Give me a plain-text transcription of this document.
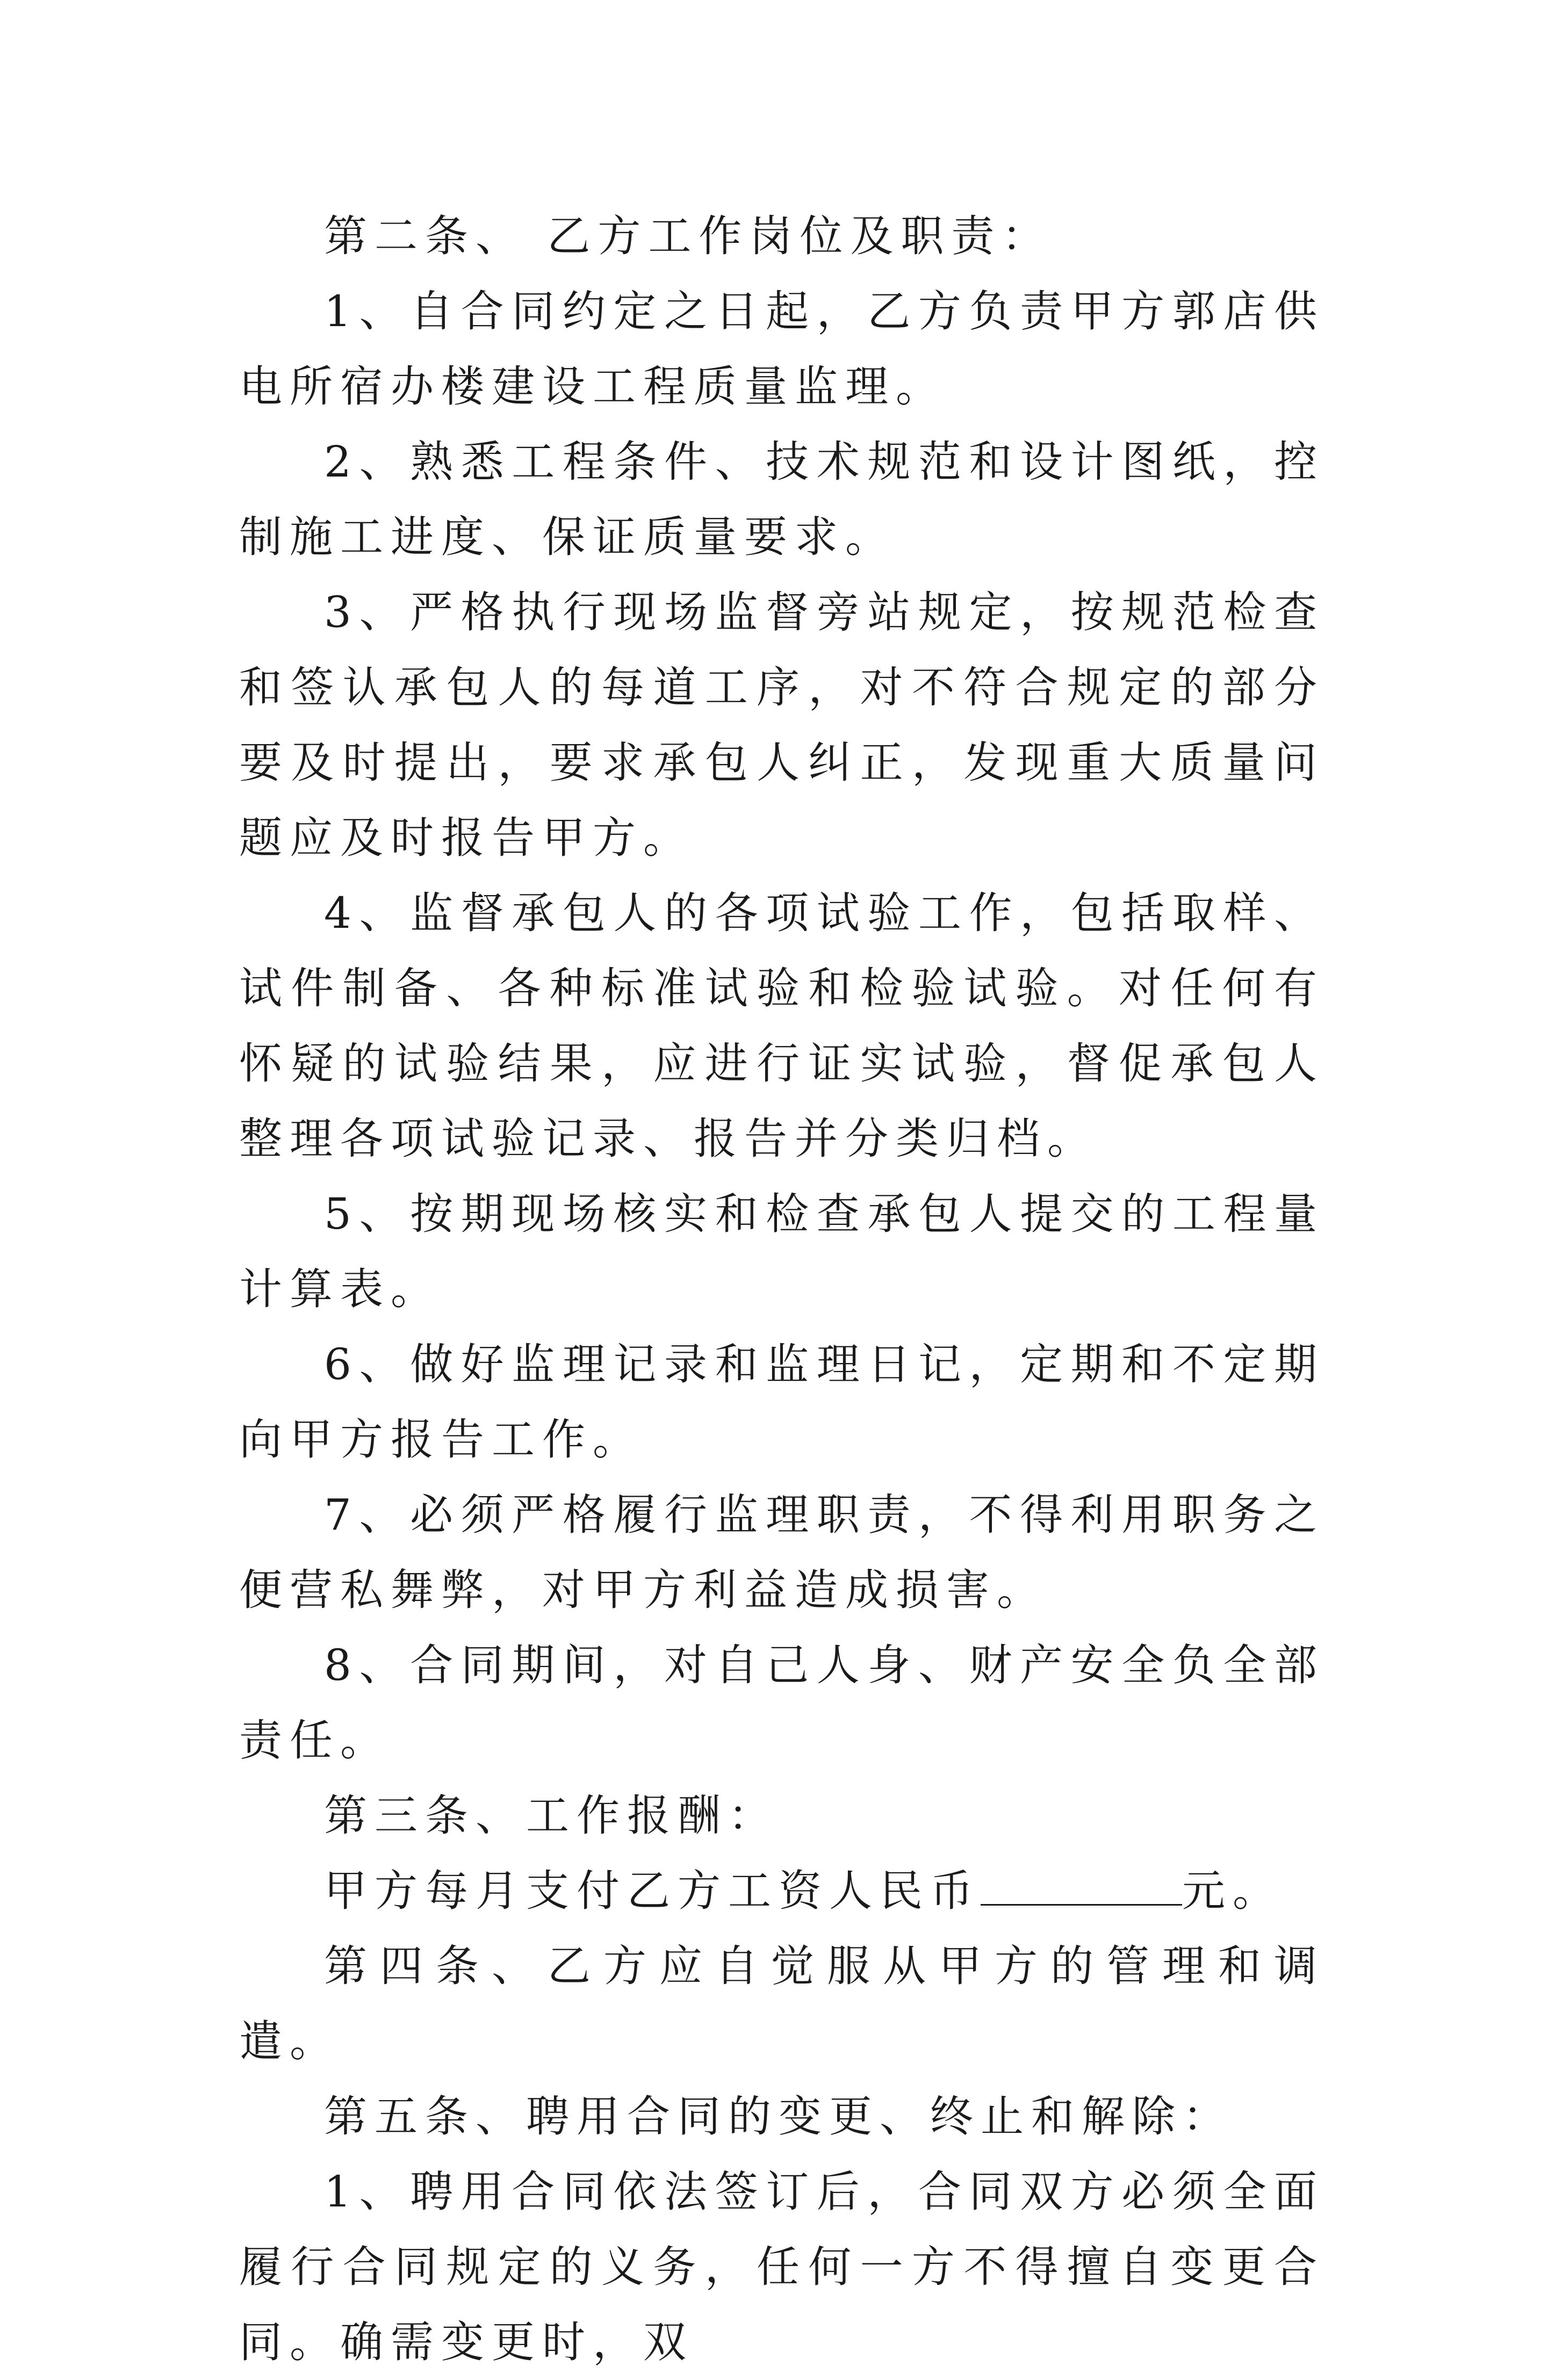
第二条、 乙方工作岗位及职责：

1、自合同约定之日起，乙方负责甲方郭店供电所宿办楼建设工程质量监理。

2、熟悉工程条件、技术规范和设计图纸，控制施工进度、保证质量要求。

3、严格执行现场监督旁站规定，按规范检查和签认承包人的每道工序，对不符合规定的部分要及时提出，要求承包人纠正，发现重大质量问题应及时报告甲方。

4、监督承包人的各项试验工作，包括取样、试件制备、各种标准试验和检验试验。对任何有怀疑的试验结果，应进行证实试验，督促承包人整理各项试验记录、报告并分类归档。

5、按期现场核实和检查承包人提交的工程量计算表。

6、做好监理记录和监理日记，定期和不定期向甲方报告工作。

7、必须严格履行监理职责，不得利用职务之便营私舞弊，对甲方利益造成损害。

8、合同期间，对自己人身、财产安全负全部责任。

第三条、工作报酬：

甲方每月支付乙方工资人民币	元。

第四条、乙方应自觉服从甲方的管理和调遣。

第五条、聘用合同的变更、终止和解除：

1、聘用合同依法签订后，合同双方必须全面履行合同规定的义务，任何一方不得擅自变更合同。确需变更时，双
